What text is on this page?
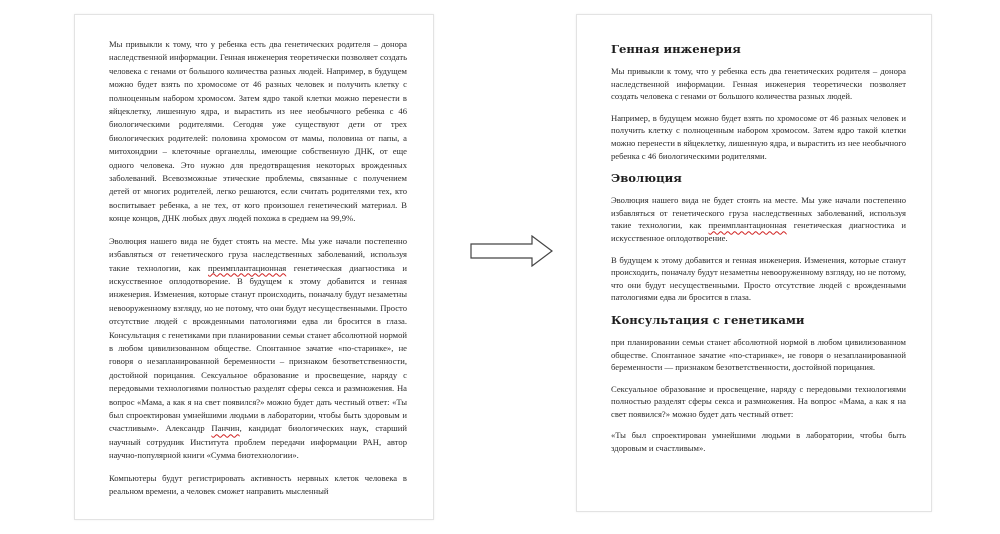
Мы привыкли к тому, что у ребенка есть два генетических родителя – донора наследственной информации. Генная инженерия теоретически позволяет создать человека с генами от большого количества разных людей. Например, в будущем можно будет взять по хромосоме от 46 разных человек и получить клетку с полноценным набором хромосом. Затем ядро такой клетки можно перенести в яйцеклетку, лишенную ядра, и вырастить из нее необычного ребенка с 46 биологическими родителями. Сегодня уже существуют дети от трех биологических родителей: половина хромосом от мамы, половина от папы, а митохондрии – клеточные органеллы, имеющие собственную ДНК, от еще одного человека. Это нужно для предотвращения некоторых врожденных заболеваний. Всевозможные этические проблемы, связанные с получением детей от многих родителей, легко решаются, если считать родителями тех, кто воспитывает ребенка, а не тех, от кого произошел генетический материал. В конце концов, ДНК любых двух людей похожа в среднем на 99,9%.

Эволюция нашего вида не будет стоять на месте. Мы уже начали постепенно избавляться от генетического груза наследственных заболеваний, используя такие технологии, как преимплантационная генетическая диагностика и искусственное оплодотворение. В будущем к этому добавится и генная инженерия. Изменения, которые станут происходить, поначалу будут незаметны невооруженному взгляду, но не потому, что они будут несущественными. Просто отсутствие людей с врожденными патологиями едва ли бросится в глаза. Консультация с генетиками при планировании семьи станет абсолютной нормой в любом цивилизованном обществе. Спонтанное зачатие «по-старинке», не говоря о незапланированной беременности – признаком безответственности, достойной порицания. Сексуальное образование и просвещение, наряду с передовыми технологиями полностью разделят сферы секса и размножения. На вопрос «Мама, а как я на свет появился?» можно будет дать честный ответ: «Ты был спроектирован умнейшими людьми в лаборатории, чтобы быть здоровым и счастливым». Александр Панчин, кандидат биологических наук, старший научный сотрудник Института проблем передачи информации РАН, автор научно-популярной книги «Сумма биотехнологии».

Компьютеры будут регистрировать активность нервных клеток человека в реальном времени, а человек сможет направить мысленный

Генная инженерия

Мы привыкли к тому, что у ребенка есть два генетических родителя – донора наследственной информации. Генная инженерия теоретически позволяет создать человека с генами от большого количества разных людей.

Например, в будущем можно будет взять по хромосоме от 46 разных человек и получить клетку с полноценным набором хромосом. Затем ядро такой клетки можно перенести в яйцеклетку, лишенную ядра, и вырастить из нее необычного ребенка с 46 биологическими родителями.

Эволюция

Эволюция нашего вида не будет стоять на месте. Мы уже начали постепенно избавляться от генетического груза наследственных заболеваний, используя такие технологии, как преимплантационная генетическая диагностика и искусственное оплодотворение.

В будущем к этому добавится и генная инженерия. Изменения, которые станут происходить, поначалу будут незаметны невооруженному взгляду, но не потому, что они будут несущественными. Просто отсутствие людей с врожденными патологиями едва ли бросится в глаза.

Консультация с генетиками

при планировании семьи станет абсолютной нормой в любом цивилизованном обществе. Спонтанное зачатие «по-старинке», не говоря о незапланированной беременности — признаком безответственности, достойной порицания.

Сексуальное образование и просвещение, наряду с передовыми технологиями полностью разделят сферы секса и размножения. На вопрос «Мама, а как я на свет появился?» можно будет дать честный ответ:

«Ты был спроектирован умнейшими людьми в лаборатории, чтобы быть здоровым и счастливым».
